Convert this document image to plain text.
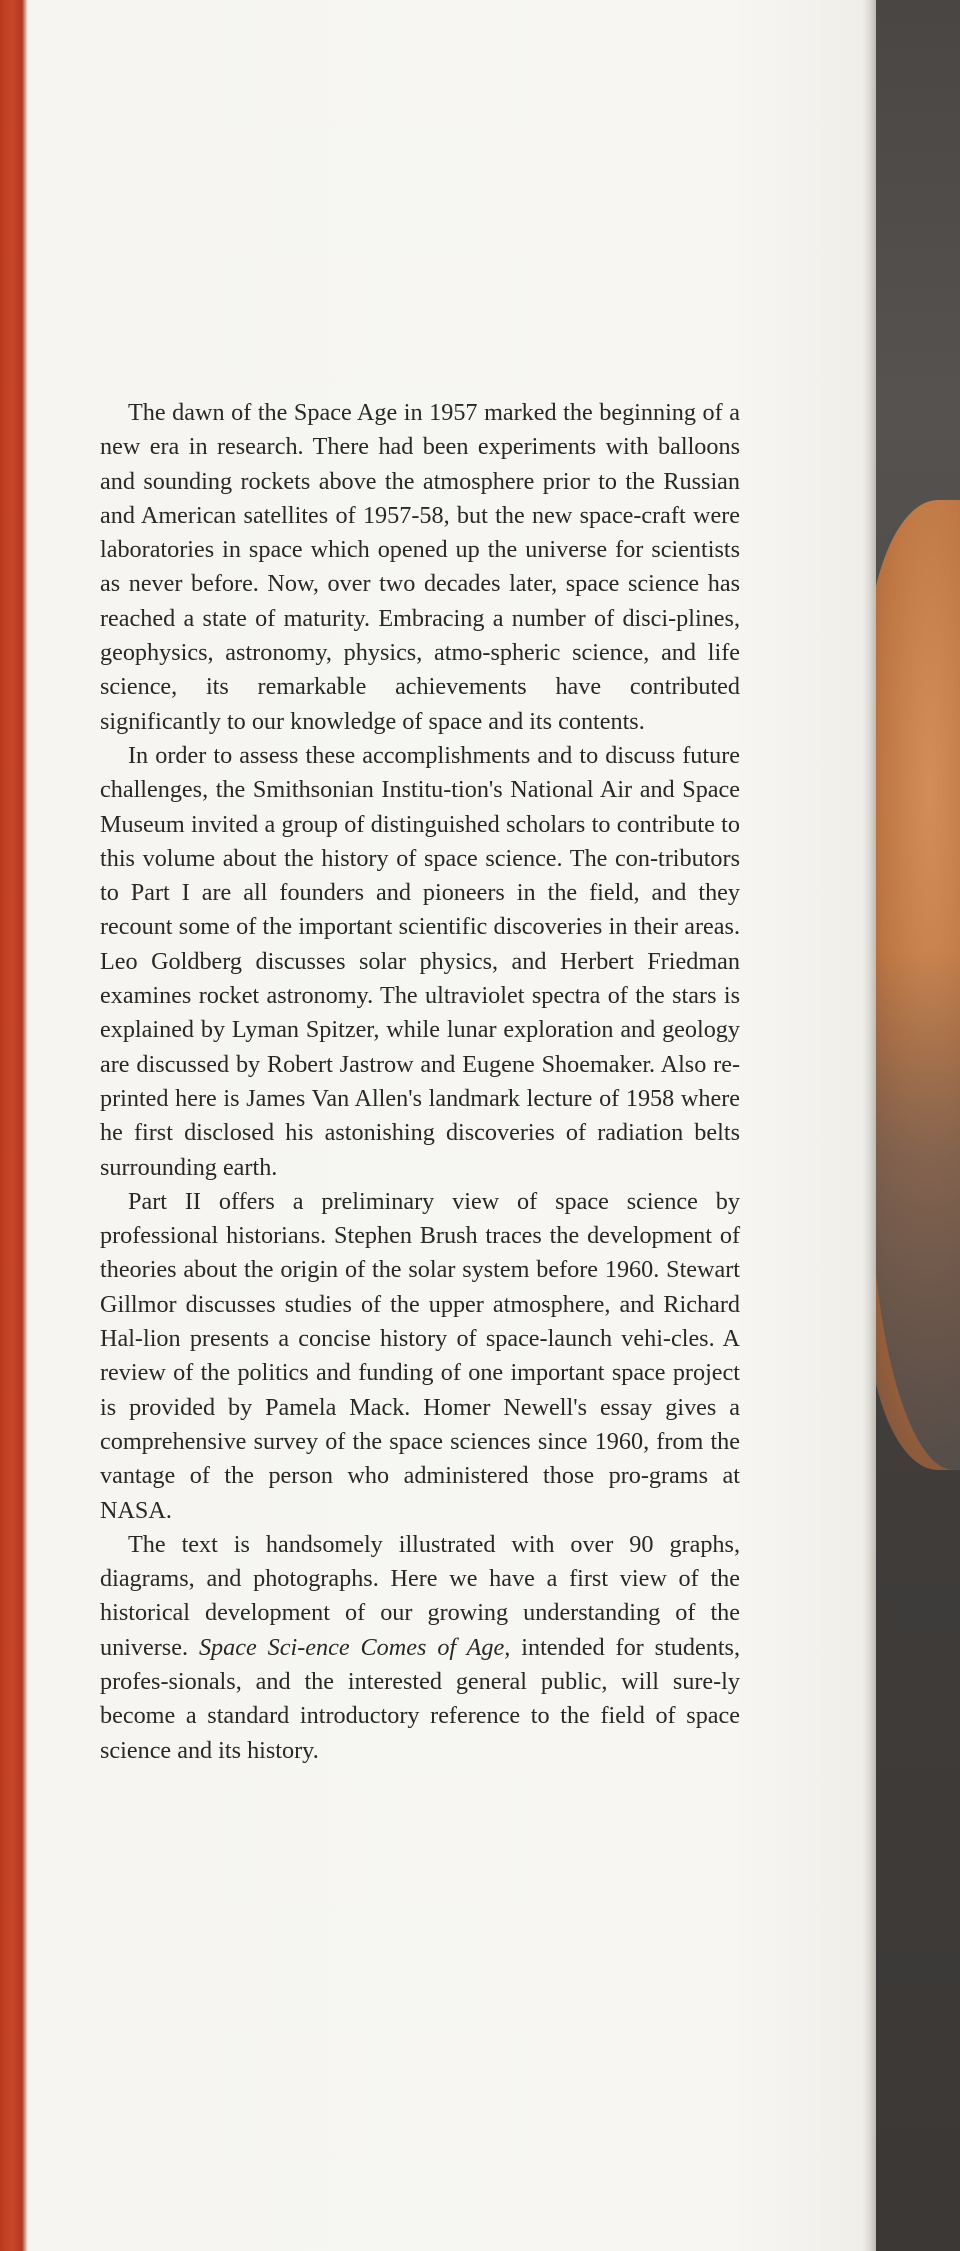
The dawn of the Space Age in 1957 marked the beginning of a new era in research. There had been experiments with balloons and sounding rockets above the atmosphere prior to the Russian and American satellites of 1957-58, but the new space-craft were laboratories in space which opened up the universe for scientists as never before. Now, over two decades later, space science has reached a state of maturity. Embracing a number of disci-plines, geophysics, astronomy, physics, atmo-spheric science, and life science, its remarkable achievements have contributed significantly to our knowledge of space and its contents.

In order to assess these accomplishments and to discuss future challenges, the Smithsonian Institu-tion's National Air and Space Museum invited a group of distinguished scholars to contribute to this volume about the history of space science. The con-tributors to Part I are all founders and pioneers in the field, and they recount some of the important scientific discoveries in their areas. Leo Goldberg discusses solar physics, and Herbert Friedman examines rocket astronomy. The ultraviolet spectra of the stars is explained by Lyman Spitzer, while lunar exploration and geology are discussed by Robert Jastrow and Eugene Shoemaker. Also re-printed here is James Van Allen's landmark lecture of 1958 where he first disclosed his astonishing discoveries of radiation belts surrounding earth.

Part II offers a preliminary view of space science by professional historians. Stephen Brush traces the development of theories about the origin of the solar system before 1960. Stewart Gillmor discusses studies of the upper atmosphere, and Richard Hal-lion presents a concise history of space-launch vehi-cles. A review of the politics and funding of one important space project is provided by Pamela Mack. Homer Newell's essay gives a comprehensive survey of the space sciences since 1960, from the vantage of the person who administered those pro-grams at NASA.

The text is handsomely illustrated with over 90 graphs, diagrams, and photographs. Here we have a first view of the historical development of our growing understanding of the universe. Space Sci-ence Comes of Age, intended for students, profes-sionals, and the interested general public, will sure-ly become a standard introductory reference to the field of space science and its history.
